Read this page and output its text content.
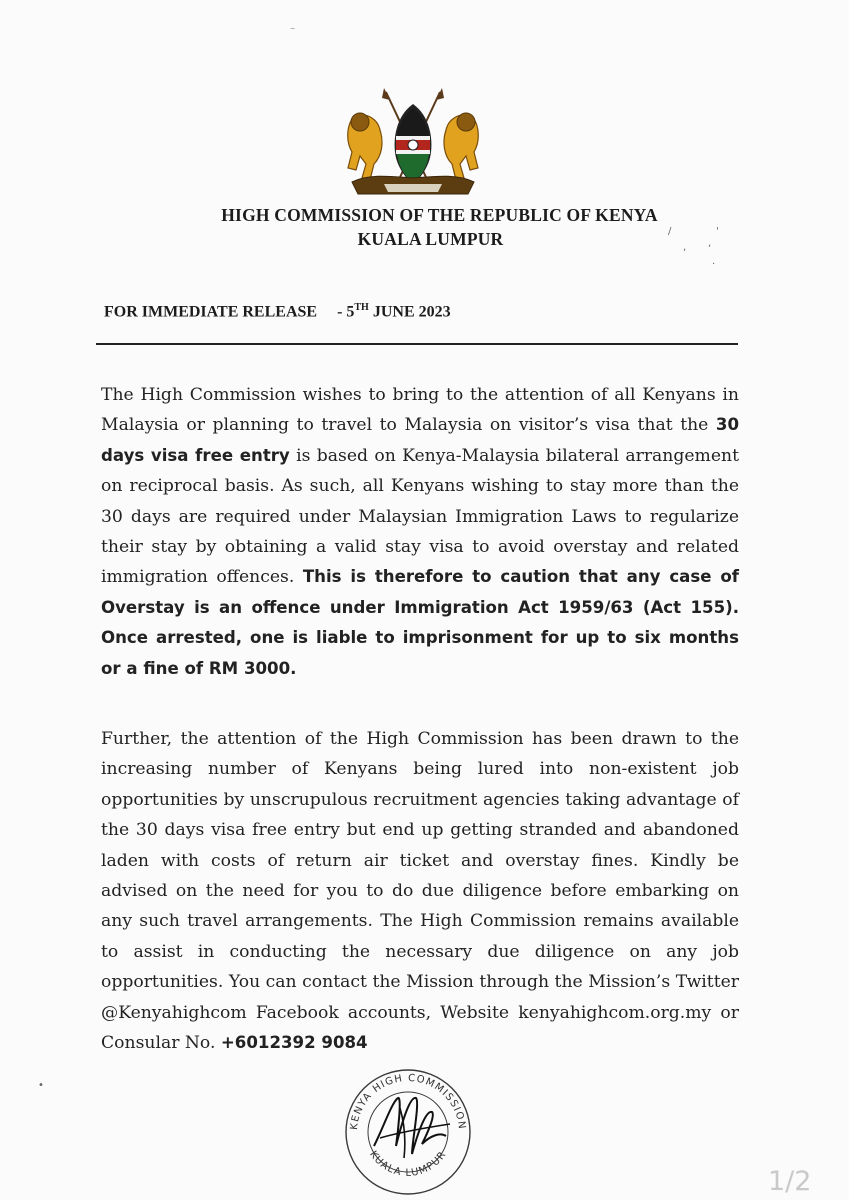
⁻
/
, ,
'
.
•
HIGH COMMISSION OF THE REPUBLIC OF KENYA
KUALA LUMPUR
FOR IMMEDIATE RELEASE - 5TH JUNE 2023
The High Commission wishes to bring to the attention of all Kenyans in Malaysia or planning to travel to Malaysia on visitor’s visa that the 30 days visa free entry is based on Kenya-Malaysia bilateral arrangement on reciprocal basis. As such, all Kenyans wishing to stay more than the 30 days are required under Malaysian Immigration Laws to regularize their stay by obtaining a valid stay visa to avoid overstay and related immigration offences. This is therefore to caution that any case of Overstay is an offence under Immigration Act 1959/63 (Act 155). Once arrested, one is liable to imprisonment for up to six months or a fine of RM 3000.
Further, the attention of the High Commission has been drawn to the increasing number of Kenyans being lured into non-existent job opportunities by unscrupulous recruitment agencies taking advantage of the 30 days visa free entry but end up getting stranded and abandoned laden with costs of return air ticket and overstay fines. Kindly be advised on the need for you to do due diligence before embarking on any such travel arrangements. The High Commission remains available to assist in conducting the necessary due diligence on any job opportunities. You can contact the Mission through the Mission’s Twitter @Kenyahighcom Facebook accounts, Website kenyahighcom.org.my or Consular No. +6012392 9084
KENYA HIGH COMMISSION
KUALA LUMPUR
1/2
